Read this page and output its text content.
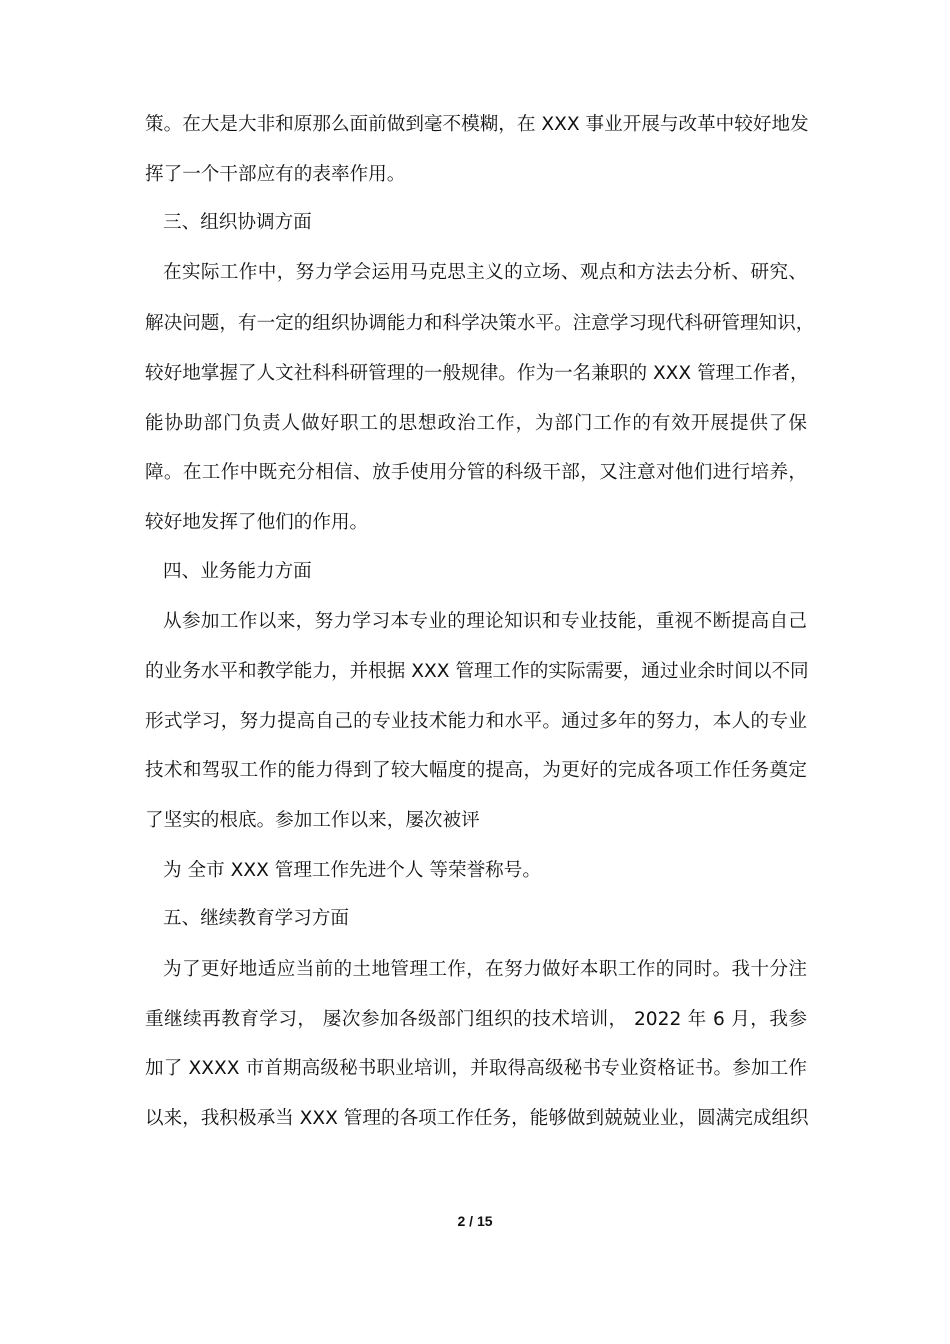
策。在大是大非和原那么面前做到毫不模糊，在 XXX 事业开展与改革中较好地发
挥了一个干部应有的表率作用。
三、组织协调方面
在实际工作中，努力学会运用马克思主义的立场、观点和方法去分析、研究、
解决问题，有一定的组织协调能力和科学决策水平。注意学习现代科研管理知识，
较好地掌握了人文社科科研管理的一般规律。作为一名兼职的 XXX 管理工作者，
能协助部门负责人做好职工的思想政治工作，为部门工作的有效开展提供了保
障。在工作中既充分相信、放手使用分管的科级干部，又注意对他们进行培养，
较好地发挥了他们的作用。
四、业务能力方面
从参加工作以来，努力学习本专业的理论知识和专业技能，重视不断提高自己
的业务水平和教学能力，并根据 XXX 管理工作的实际需要，通过业余时间以不同
形式学习，努力提高自己的专业技术能力和水平。通过多年的努力，本人的专业
技术和驾驭工作的能力得到了较大幅度的提高，为更好的完成各项工作任务奠定
了坚实的根底。参加工作以来，屡次被评
为 全市 XXX 管理工作先进个人 等荣誉称号。
五、继续教育学习方面
为了更好地适应当前的土地管理工作，在努力做好本职工作的同时。我十分注
重继续再教育学习， 屡次参加各级部门组织的技术培训， 2022 年 6 月，我参
加了 XXXX 市首期高级秘书职业培训，并取得高级秘书专业资格证书。参加工作
以来，我积极承当 XXX 管理的各项工作任务，能够做到兢兢业业，圆满完成组织
2 / 15
